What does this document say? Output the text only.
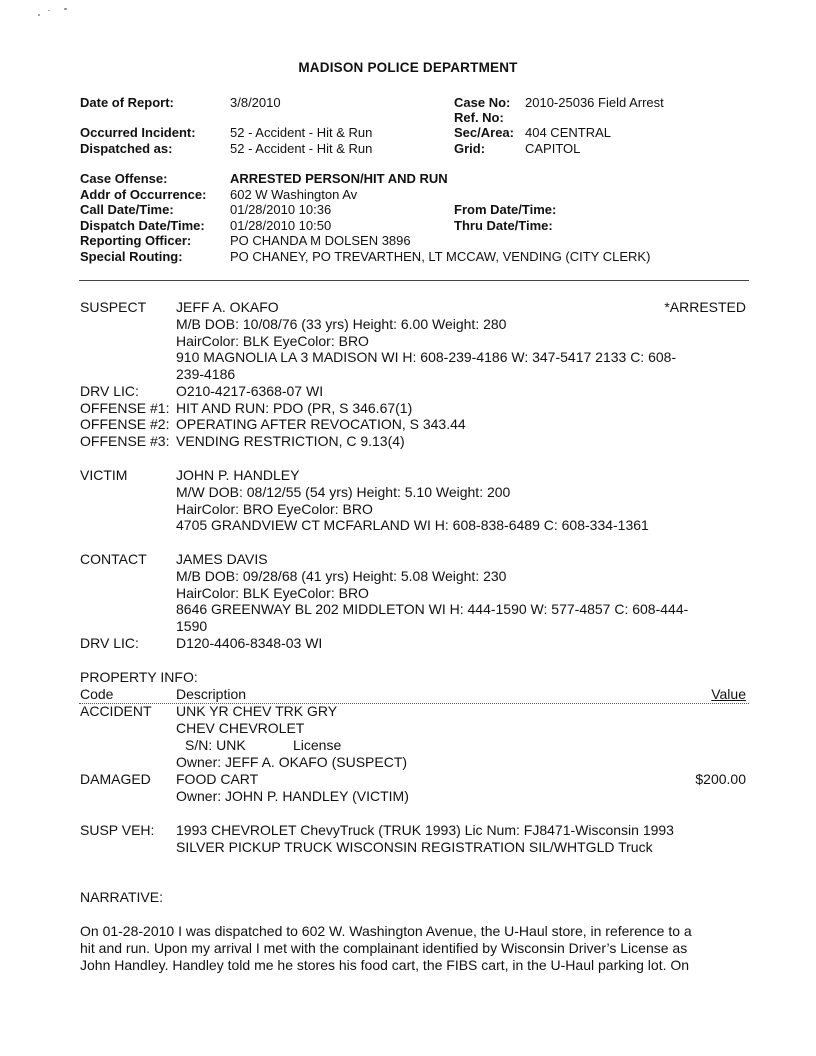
MADISON POLICE DEPARTMENT
Date of Report:	3/8/2010	Case No: 2010-25036 Field Arrest
Ref. No:
Occurred Incident:	52 - Accident - Hit & Run	Sec/Area: 404 CENTRAL
Dispatched as:	52 - Accident - Hit & Run	Grid:	CAPITOL
Case Offense:	ARRESTED PERSON/HIT AND RUN
Addr of Occurrence: 602 W Washington Av
Call Date/Time:	01/28/2010 10:36	From Date/Time:
Dispatch Date/Time: 01/28/2010 10:50	Thru Date/Time:
Reporting Officer:	PO CHANDA M DOLSEN 3896
Special Routing:	PO CHANEY, PO TREVARTHEN, LT MCCAW, VENDING (CITY CLERK)
SUSPECT JEFF A. OKAFO	*ARRESTED
M/B DOB: 10/08/76 (33 yrs) Height: 6.00 Weight: 280
HairColor: BLK EyeColor: BRO
910 MAGNOLIA LA 3 MADISON WI H: 608-239-4186 W: 347-5417 2133 C: 608-
239-4186
DRV LIC:	O210-4217-6368-07 WI
OFFENSE #1: HIT AND RUN: PDO (PR, S 346.67(1)
OFFENSE #2: OPERATING AFTER REVOCATION, S 343.44
OFFENSE #3: VENDING RESTRICTION, C 9.13(4)
VICTIM	JOHN P. HANDLEY
M/W DOB: 08/12/55 (54 yrs) Height: 5.10 Weight: 200
HairColor: BRO EyeColor: BRO
4705 GRANDVIEW CT MCFARLAND WI H: 608-838-6489 C: 608-334-1361
CONTACT JAMES DAVIS
M/B DOB: 09/28/68 (41 yrs) Height: 5.08 Weight: 230
HairColor: BLK EyeColor: BRO
8646 GREENWAY BL 202 MIDDLETON WI H: 444-1590 W: 577-4857 C: 608-444-
1590
DRV LIC:	D120-4406-8348-03 WI
PROPERTY INFO:
Code	Description	Value
ACCIDENT UNK YR CHEV TRK GRY
CHEV CHEVROLET
S/N: UNK	License
Owner: JEFF A. OKAFO (SUSPECT)
DAMAGED FOOD CART	$200.00
Owner: JOHN P. HANDLEY (VICTIM)
SUSP VEH: 1993 CHEVROLET ChevyTruck (TRUK 1993) Lic Num: FJ8471-Wisconsin 1993
SILVER PICKUP TRUCK WISCONSIN REGISTRATION SIL/WHTGLD Truck
NARRATIVE:
On 01-28-2010 I was dispatched to 602 W. Washington Avenue, the U-Haul store, in reference to a
hit and run. Upon my arrival I met with the complainant identified by Wisconsin Driver’s License as
John Handley. Handley told me he stores his food cart, the FIBS cart, in the U-Haul parking lot. On
